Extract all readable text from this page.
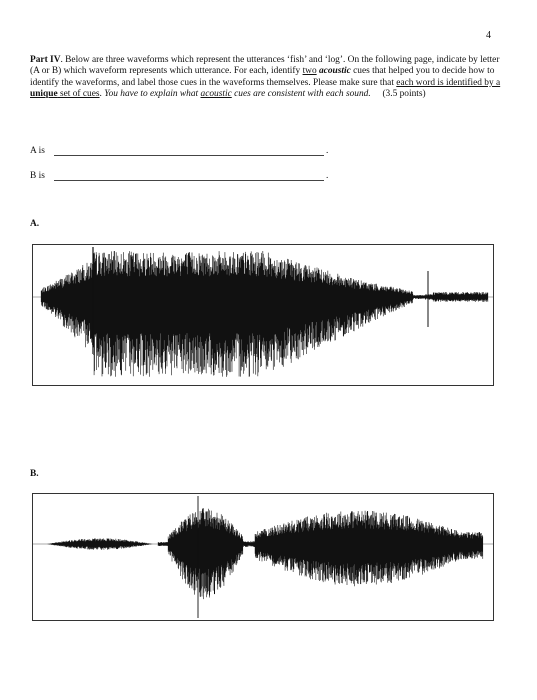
4
Part IV. Below are three waveforms which represent the utterances ‘fish’ and ‘log’. On the following page, indicate by letter (A or B) which waveform represents which utterance. For each, identify two acoustic cues that helped you to decide how to identify the waveforms, and label those cues in the waveforms themselves. Please make sure that each word is identified by a unique set of cues. You have to explain what acoustic cues are consistent with each sound. (3.5 points)
A is	.
B is	.
A.
B.
